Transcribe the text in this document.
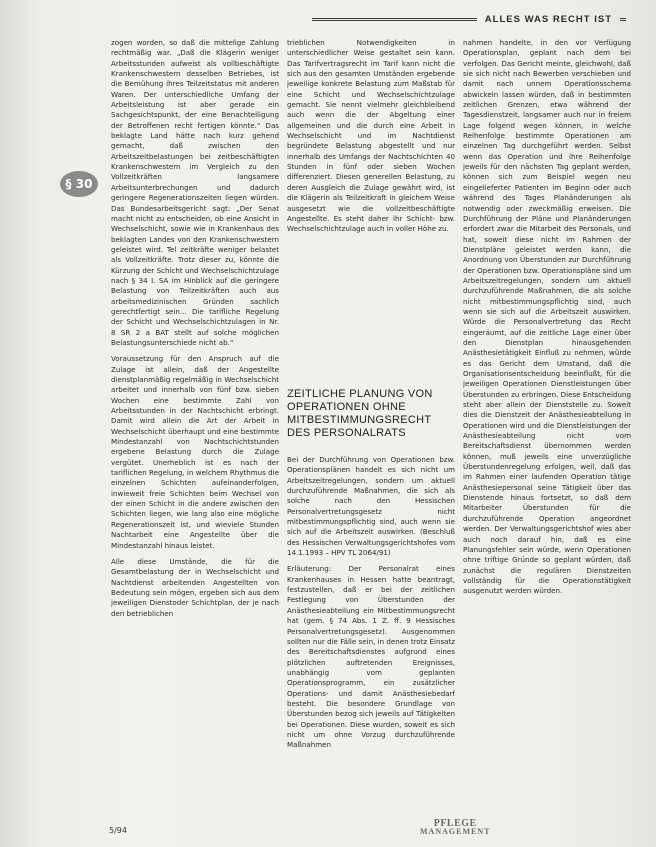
ALLES WAS RECHT IST
§ 30

zogen worden, so daß die mittelige Zahlung rechtmäßig war. „Daß die Klägerin weniger Arbeitsstunden aufweist als vollbeschäftigte Krankenschwestern desselben Betriebes, ist die Bemühung ihres Teilzeitstatus mit anderen Waren. Der unterschiedliche Umfang der Arbeitsleistung ist aber gerade ein Sachgesichtspunkt, der eine Benachteiligung der Betroffenen recht fertigen könnte.“ Das beklagte Land hätte nach kurz gehend gemacht, daß zwischen den Arbeitszeitbelastungen bei zeitbeschäftigten Krankenschwestern im Vergleich zu den Vollzeitkräften langsamere Arbeitsunterbrechungen und dadurch geringere Regenerationszeiten liegen würden. Das Bundesarbeitsgericht sagt: „Der Senat macht nicht zu entscheiden, ob eine Ansicht in Wechselschicht, sowie wie in Krankenhaus des beklagten Landes von den Krankenschwestern geleistet wird. Tel zeitkräfte weniger belastet als Vollzeitkräfte. Trotz dieser zu, könnte die Kürzung der Schicht und Wechselschichtzulage nach § 34 I. SA im Hinblick auf die geringere Belastung von Teilzeitkräften auch aus arbeitsmedizinischen Gründen sachlich gerechtfertigt sein... Die tarifliche Regelung der Schicht und Wechselschichtzulagen in Nr. 8 SR 2 a BAT stellt auf solche möglichen Belastungsunterschiede nicht ab.“

Voraussetzung für den Anspruch auf die Zulage ist allein, daß der Angestellte dienstplanmäßig regelmäßig in Wechselschicht arbeitet und innerhalb von fünf bzw. sieben Wochen eine bestimmte Zahl von Arbeitsstunden in der Nachtschicht erbringt. Damit wird allein die Art der Arbeit in Wechselschicht überhaupt und eine bestimmte Mindestanzahl von Nachtschichtstunden ergebene Belastung durch die Zulage vergütet. Unerheblich ist es nach der tariflichen Regelung, in welchem Rhythmus die einzelnen Schichten aufeinanderfolgen, inwieweit freie Schichten beim Wechsel von der einen Schicht in die andere zwischen den Schichten liegen, wie lang also eine mögliche Regenerationszeit ist, und wieviele Stunden Nachtarbeit eine Angestellte über die Mindestanzahl hinaus leistet.

Alle diese Umstände, die für die Gesamtbelastung der in Wechselschicht und Nachtdienst arbeitenden Angestellten von Bedeutung sein mögen, ergeben sich aus dem jeweiligen Dienstoder Schichtplan, der je nach den betrieblichen

trieblichen Notwendigkeiten in unterschiedlicher Weise gestaltet sein kann. Das Tarifvertragsrecht im Tarif kann nicht die sich aus den gesamten Umständen ergebende jeweilige konkrete Belastung zum Maßstab für eine Schicht und Wechselschichtzulage gemacht. Sie nennt vielmehr gleichbleibend auch wenn die der Abgeltung einer allgemeinen und die durch eine Arbeit in Wechselschicht und im Nachtdienst begründete Belastung abgestellt und nur innerhalb des Umfangs der Nachtschichten 40 Stunden in fünf oder sieben Wochen differenziert. Diesen generellen Belastung, zu deren Ausgleich die Zulage gewährt wird, ist die Klägerin als Teilzeitkraft in gleichem Weise ausgesetzt wie die vollzeitbeschäftigte Angestellte. Es steht daher ihr Schicht- bzw. Wechselschichtzulage auch in voller Höhe zu.

ZEITLICHE PLANUNG VON OPERATIONEN OHNE MITBESTIMMUNGSRECHT DES PERSONALRATS

Bei der Durchführung von Operationen bzw. Operationsplänen handelt es sich nicht um Arbeitszeitregelungen, sondern um aktuell durchzuführende Maßnahmen, die sich als solche nach den Hessischen Personalvertretungsgesetz nicht mitbestimmungspflichtig sind, auch wenn sie sich auf die Arbeitszeit auswirken. (Beschluß des Hessischen Verwaltungsgerichtshofes vom 14.1.1993 – HPV TL 2064/91)

Erläuterung: Der Personalrat eines Krankenhauses in Hessen hatte beantragt, festzustellen, daß er bei der zeitlichen Festlegung von Überstunden der Anästhesieabteilung ein Mitbestimmungsrecht hat (gem. § 74 Abs. 1 Z. ff. 9 Hessisches Personalvertretungsgesetz). Ausgenommen sollten nur die Fälle sein, in denen trotz Einsatz des Bereitschaftsdienstes aufgrund eines plötzlichen auftretenden Ereignisses, unabhängig vom geplanten Operationsprogramm, ein zusätzlicher Operations- und damit Anästhesiebedarf besteht. Die besondere Grundlage von Überstunden bezog sich jeweils auf Tätigkeiten bei Operationen. Diese wurden, soweit es sich nicht um ohne Vorzug durchzuführende Maßnahmen

nahmen handelte, in den vor Verfügung Operationsplan, geplant nach dem bei verfolgen. Das Gericht meinte, gleichwohl, daß sie sich nicht nach Bewerben verschieben und damit nach unnem Operationsschema abwickeln lassen würden, daß in bestimmten zeitlichen Grenzen, etwa während der Tagesdienstzeit, langsamer auch nur in freiem Lage folgend wegen können, in welche Reihenfolge bestimmte Operationen am einzelnen Tag durchgeführt werden. Selbst wenn das Operation und ihre Reihenfolge jeweils für den nächsten Tag geplant werden, können sich zum Beispiel wegen neu eingelieferter Patienten im Beginn oder auch während des Tages Planänderungen als notwendig oder zweckmäßig erweisen. Die Durchführung der Pläne und Planänderungen erfordert zwar die Mitarbeit des Personals, und hat, soweit diese nicht im Rahmen der Dienstpläne geleistet werden kann, die Anordnung von Überstunden zur Durchführung der Operationen bzw. Operationspläne sind um Arbeitszeitregelungen, sondern um aktuell durchzuführende Maßnahmen, die als solche nicht mitbestimmungspflichtig sind, auch wenn sie sich auf die Arbeitszeit auswirken. Würde die Personalvertretung das Recht eingeräumt, auf die zeitliche Lage einer über den Dienstplan hinausgehenden Anästhesietätigkeit Einfluß zu nehmen, würde es das Gericht dem Umstand, daß die Organisationsentscheidung beeinflußt, für die jeweiligen Operationen Dienstleistungen über Überstunden zu erbringen. Diese Entscheidung steht aber allein der Dienststelle zu. Soweit dies die Dienstzeit der Anästhesieabteilung in Operationen wird und die Dienstleistungen der Anästhesieabteilung nicht vom Bereitschaftsdienst übernommen werden können, muß jeweils eine unverzügliche Überstundenregelung erfolgen, weil, daß das im Rahmen einer laufenden Operation tätige Anästhesiepersonal seine Tätigkeit über das Dienstende hinaus fortsetzt, so daß dem Mitarbeiter Überstunden für die durchzuführende Operation angeordnet werden. Der Verwaltungsgerichtshof wies aber auch noch darauf hin, daß es eine Planungsfehler sein würde, wenn Operationen ohne triftige Gründe so geplant würden, daß zunächst die regulären Dienstzeiten vollständig für die Operationstätigkeit ausgenutzt werden würden.

5/94
PFLEGE
MANAGEMENT
